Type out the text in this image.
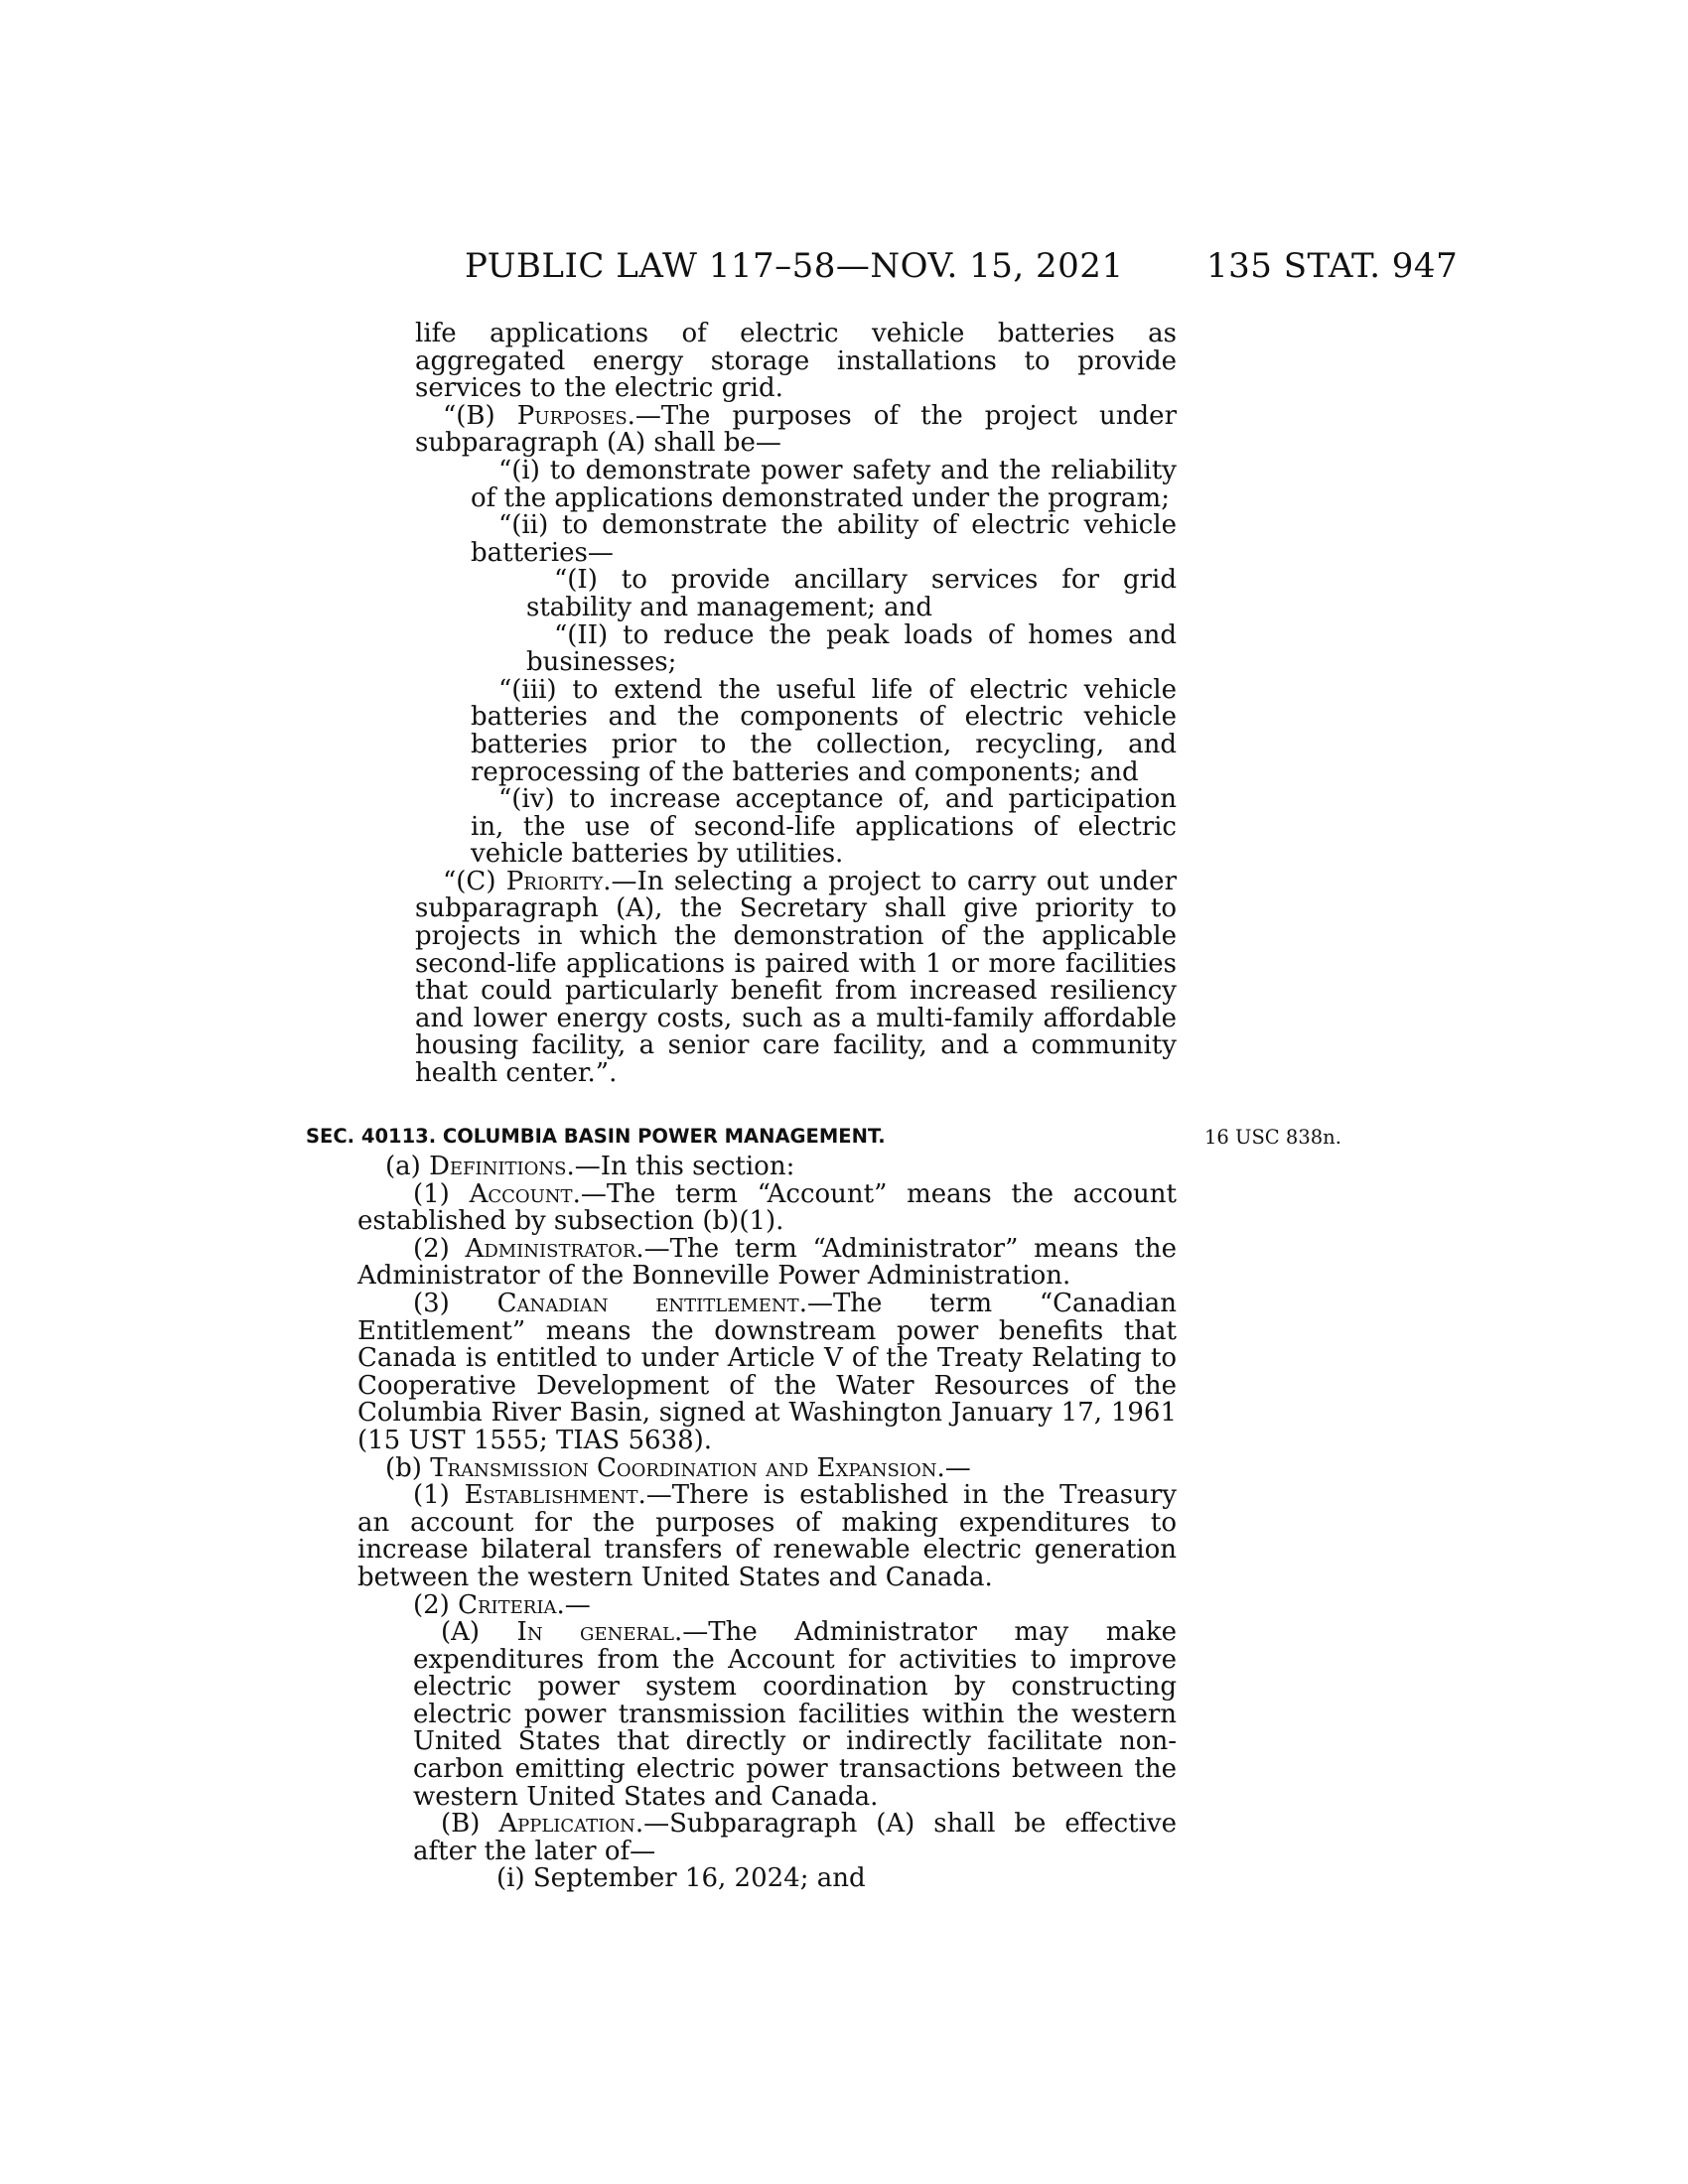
PUBLIC LAW 117–58—NOV. 15, 2021 135 STAT. 947

life applications of electric vehicle batteries as aggregated energy storage installations to provide services to the electric grid.

“(B) Purposes.—The purposes of the project under subparagraph (A) shall be—

“(i) to demonstrate power safety and the reliability of the applications demonstrated under the program;

“(ii) to demonstrate the ability of electric vehicle batteries—

“(I) to provide ancillary services for grid stability and management; and

“(II) to reduce the peak loads of homes and businesses;

“(iii) to extend the useful life of electric vehicle batteries and the components of electric vehicle batteries prior to the collection, recycling, and reprocessing of the batteries and components; and

“(iv) to increase acceptance of, and participation in, the use of second-life applications of electric vehicle batteries by utilities.

“(C) Priority.—In selecting a project to carry out under subparagraph (A), the Secretary shall give priority to projects in which the demonstration of the applicable second-life applications is paired with 1 or more facilities that could particularly benefit from increased resiliency and lower energy costs, such as a multi-family affordable housing facility, a senior care facility, and a community health center.”.

SEC. 40113. COLUMBIA BASIN POWER MANAGEMENT.	16 USC 838n.

(a) Definitions.—In this section:

(1) Account.—The term “Account” means the account established by subsection (b)(1).

(2) Administrator.—The term “Administrator” means the Administrator of the Bonneville Power Administration.

(3) Canadian entitlement.—The term “Canadian Entitlement” means the downstream power benefits that Canada is entitled to under Article V of the Treaty Relating to Cooperative Development of the Water Resources of the Columbia River Basin, signed at Washington January 17, 1961 (15 UST 1555; TIAS 5638).

(b) Transmission Coordination and Expansion.—

(1) Establishment.—There is established in the Treasury an account for the purposes of making expenditures to increase bilateral transfers of renewable electric generation between the western United States and Canada.

(2) Criteria.—

(A) In general.—The Administrator may make expenditures from the Account for activities to improve electric power system coordination by constructing electric power transmission facilities within the western United States that directly or indirectly facilitate non-carbon emitting electric power transactions between the western United States and Canada.

(B) Application.—Subparagraph (A) shall be effective after the later of—

(i) September 16, 2024; and
